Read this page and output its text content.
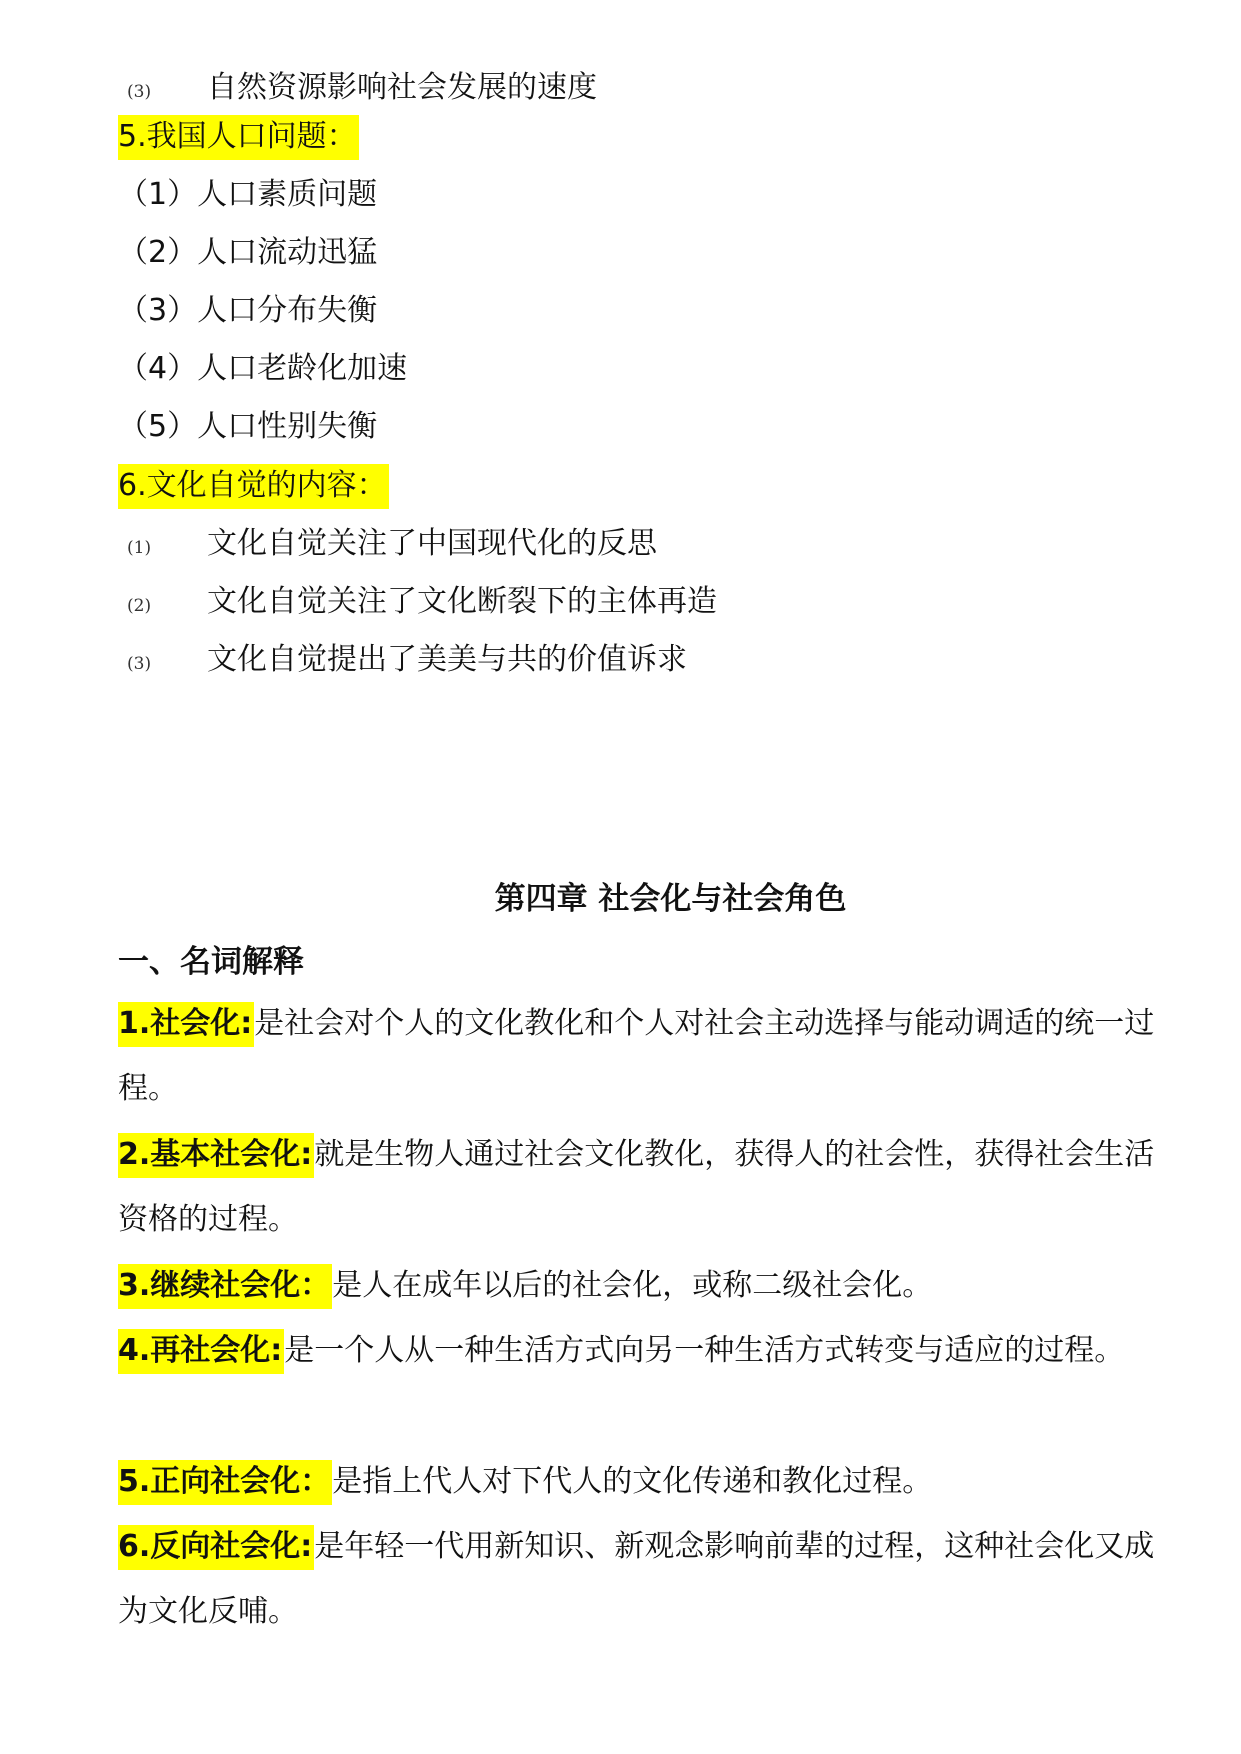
(3) 自然资源影响社会发展的速度
5.我国人口问题：
（1）人口素质问题
（2）人口流动迅猛
（3）人口分布失衡
（4）人口老龄化加速
（5）人口性别失衡
6.文化自觉的内容：
(1) 文化自觉关注了中国现代化的反思
(2) 文化自觉关注了文化断裂下的主体再造
(3) 文化自觉提出了美美与共的价值诉求
第四章 社会化与社会角色
一、名词解释
1.社会化:是社会对个人的文化教化和个人对社会主动选择与能动调适的统一过程。
2.基本社会化:就是生物人通过社会文化教化，获得人的社会性，获得社会生活资格的过程。
3.继续社会化：是人在成年以后的社会化，或称二级社会化。
4.再社会化:是一个人从一种生活方式向另一种生活方式转变与适应的过程。
5.正向社会化：是指上代人对下代人的文化传递和教化过程。
6.反向社会化:是年轻一代用新知识、新观念影响前辈的过程，这种社会化又成为文化反哺。
